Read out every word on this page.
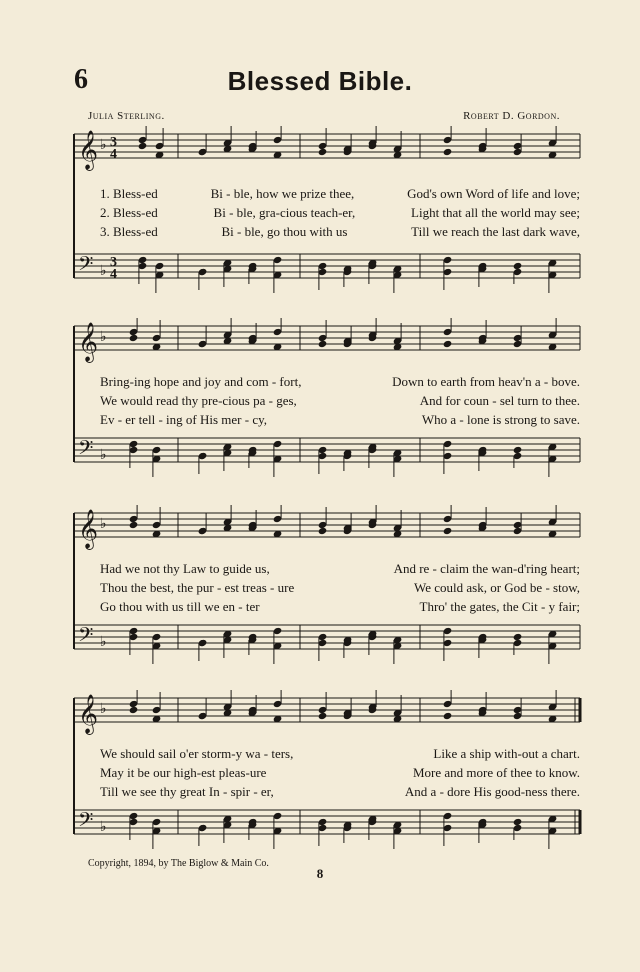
6	Blessed Bible.
Julia Sterling.	Robert D. Gordon.
𝄞 ♭
𝄢 ♭
3
4
3
4
1. Bless-ed	Bi - ble, how we prize thee,	God's own Word of life and love;
2. Bless-ed	Bi - ble, gra-cious teach-er,	Light that all the world may see;
3. Bless-ed	Bi - ble, go thou with us	Till we reach the last dark wave,
𝄞 ♭
𝄢 ♭
Bring-ing hope and joy and com - fort,	Down to earth from heav'n a - bove.
We would read thy pre-cious pa - ges,	And for coun - sel turn to thee.
Ev - er tell - ing of His mer - cy,	Who a - lone is strong to save.
𝄞 ♭
𝄢 ♭
Had we not thy Law to guide us,	And re - claim the wan-d'ring heart;
Thou the best, the pur - est treas - ure	We could ask, or God be - stow,
Go thou with us till we en - ter	Thro' the gates, the Cit - y fair;
𝄞 ♭
𝄢 ♭
We should sail o'er storm-y wa - ters,	Like a ship with-out a chart.
May it be our high-est pleas-ure	More and more of thee to know.
Till we see thy great In - spir - er,	And a - dore His good-ness there.
Copyright, 1894, by The Biglow & Main Co.
8
